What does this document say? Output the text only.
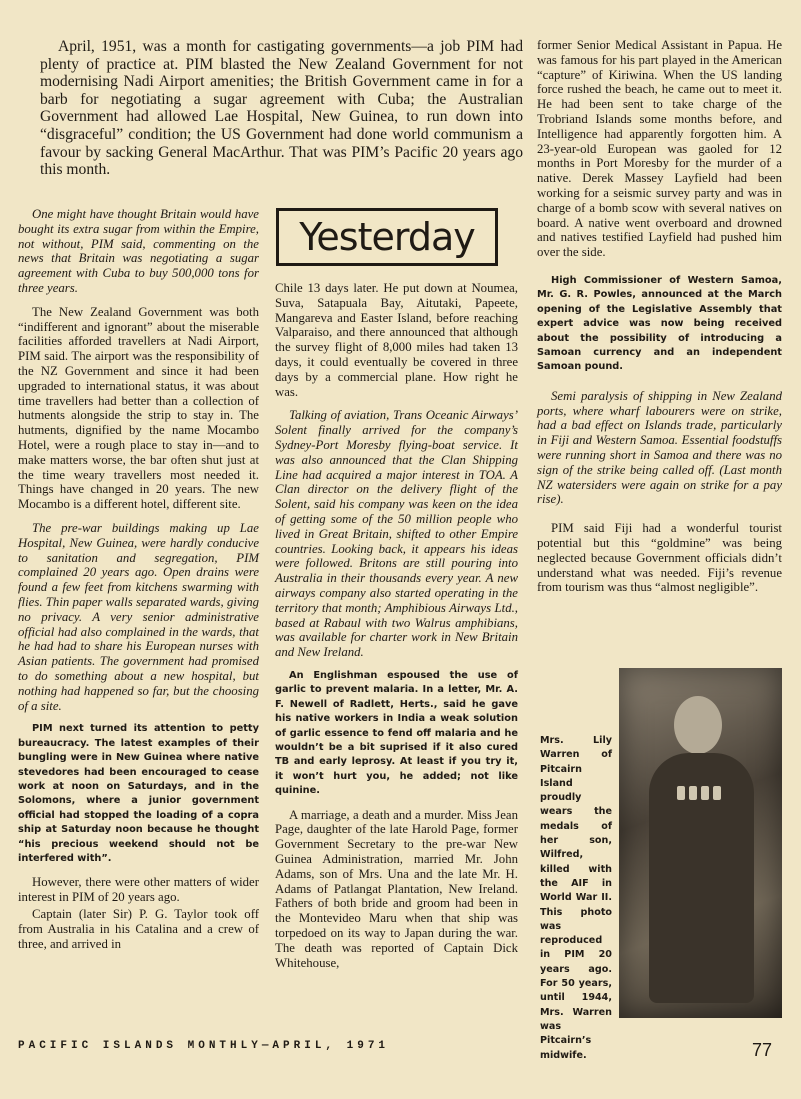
April, 1951, was a month for castigating governments—a job PIM had plenty of practice at. PIM blasted the New Zealand Government for not modernising Nadi Airport amenities; the British Government came in for a barb for negotiating a sugar agreement with Cuba; the Australian Government had allowed Lae Hospital, New Guinea, to run down into “disgraceful” condition; the US Government had done world communism a favour by sacking General MacArthur. That was PIM’s Pacific 20 years ago this month.

One might have thought Britain would have bought its extra sugar from within the Empire, not without, PIM said, commenting on the news that Britain was negotiating a sugar agreement with Cuba to buy 500,000 tons for three years.

The New Zealand Government was both “indifferent and ignorant” about the miserable facilities afforded travellers at Nadi Airport, PIM said. The airport was the responsibility of the NZ Government and since it had been upgraded to international status, it was about time travellers had better than a collection of hutments alongside the strip to stay in. The hutments, dignified by the name Mocambo Hotel, were a rough place to stay in—and to make matters worse, the bar often shut just at the time weary travellers most needed it. Things have changed in 20 years. The new Mocambo is a different hotel, different site.

The pre-war buildings making up Lae Hospital, New Guinea, were hardly conducive to sanitation and segregation, PIM complained 20 years ago. Open drains were found a few feet from kitchens swarming with flies. Thin paper walls separated wards, giving no privacy. A very senior administrative official had also complained in the wards, that he had had to share his European nurses with Asian patients. The government had promised to do something about a new hospital, but nothing had happened so far, but the choosing of a site.

PIM next turned its attention to petty bureaucracy. The latest examples of their bungling were in New Guinea where native stevedores had been encouraged to cease work at noon on Saturdays, and in the Solomons, where a junior government official had stopped the loading of a copra ship at Saturday noon because he thought “his precious weekend should not be interfered with”.

However, there were other matters of wider interest in PIM of 20 years ago.

Captain (later Sir) P. G. Taylor took off from Australia in his Catalina and a crew of three, and arrived in

Yesterday

Chile 13 days later. He put down at Noumea, Suva, Satapuala Bay, Aitutaki, Papeete, Mangareva and Easter Island, before reaching Valparaiso, and there announced that although the survey flight of 8,000 miles had taken 13 days, it could eventually be covered in three days by a commercial plane. How right he was.

Talking of aviation, Trans Oceanic Airways’ Solent finally arrived for the company’s Sydney-Port Moresby flying-boat service. It was also announced that the Clan Shipping Line had acquired a major interest in TOA. A Clan director on the delivery flight of the Solent, said his company was keen on the idea of getting some of the 50 million people who lived in Great Britain, shifted to other Empire countries. Looking back, it appears his ideas were followed. Britons are still pouring into Australia in their thousands every year. A new airways company also started operating in the territory that month; Amphibious Airways Ltd., based at Rabaul with two Walrus amphibians, was available for charter work in New Britain and New Ireland.

An Englishman espoused the use of garlic to prevent malaria. In a letter, Mr. A. F. Newell of Radlett, Herts., said he gave his native workers in India a weak solution of garlic essence to fend off malaria and he wouldn’t be a bit suprised if it also cured TB and early leprosy. At least if you try it, it won’t hurt you, he added; not like quinine.

A marriage, a death and a murder. Miss Jean Page, daughter of the late Harold Page, former Government Secretary to the pre-war New Guinea Administration, married Mr. John Adams, son of Mrs. Una and the late Mr. H. Adams of Patlangat Plantation, New Ireland. Fathers of both bride and groom had been in the Montevideo Maru when that ship was torpedoed on its way to Japan during the war. The death was reported of Captain Dick Whitehouse,

former Senior Medical Assistant in Papua. He was famous for his part played in the American “capture” of Kiriwina. When the US landing force rushed the beach, he came out to meet it. He had been sent to take charge of the Trobriand Islands some months before, and Intelligence had apparently forgotten him. A 23-year-old European was gaoled for 12 months in Port Moresby for the murder of a native. Derek Massey Layfield had been working for a seismic survey party and was in charge of a bomb scow with several natives on board. A native went overboard and drowned and natives testified Layfield had pushed him over the side.

High Commissioner of Western Samoa, Mr. G. R. Powles, announced at the March opening of the Legislative Assembly that expert advice was now being received about the possibility of introducing a Samoan currency and an independent Samoan pound.

Semi paralysis of shipping in New Zealand ports, where wharf labourers were on strike, had a bad effect on Islands trade, particularly in Fiji and Western Samoa. Essential foodstuffs were running short in Samoa and there was no sign of the strike being called off. (Last month NZ watersiders were again on strike for a pay rise).

PIM said Fiji had a wonderful tourist potential but this “goldmine” was being neglected because Government officials didn’t understand what was needed. Fiji’s revenue from tourism was thus “almost negligible”.

Mrs. Lily Warren of Pitcairn Island proudly wears the medals of her son, Wilfred, killed with the AIF in World War II. This photo was reproduced in PIM 20 years ago. For 50 years, until 1944, Mrs. Warren was Pitcairn’s midwife.
PACIFIC ISLANDS MONTHLY—APRIL, 1971	77
